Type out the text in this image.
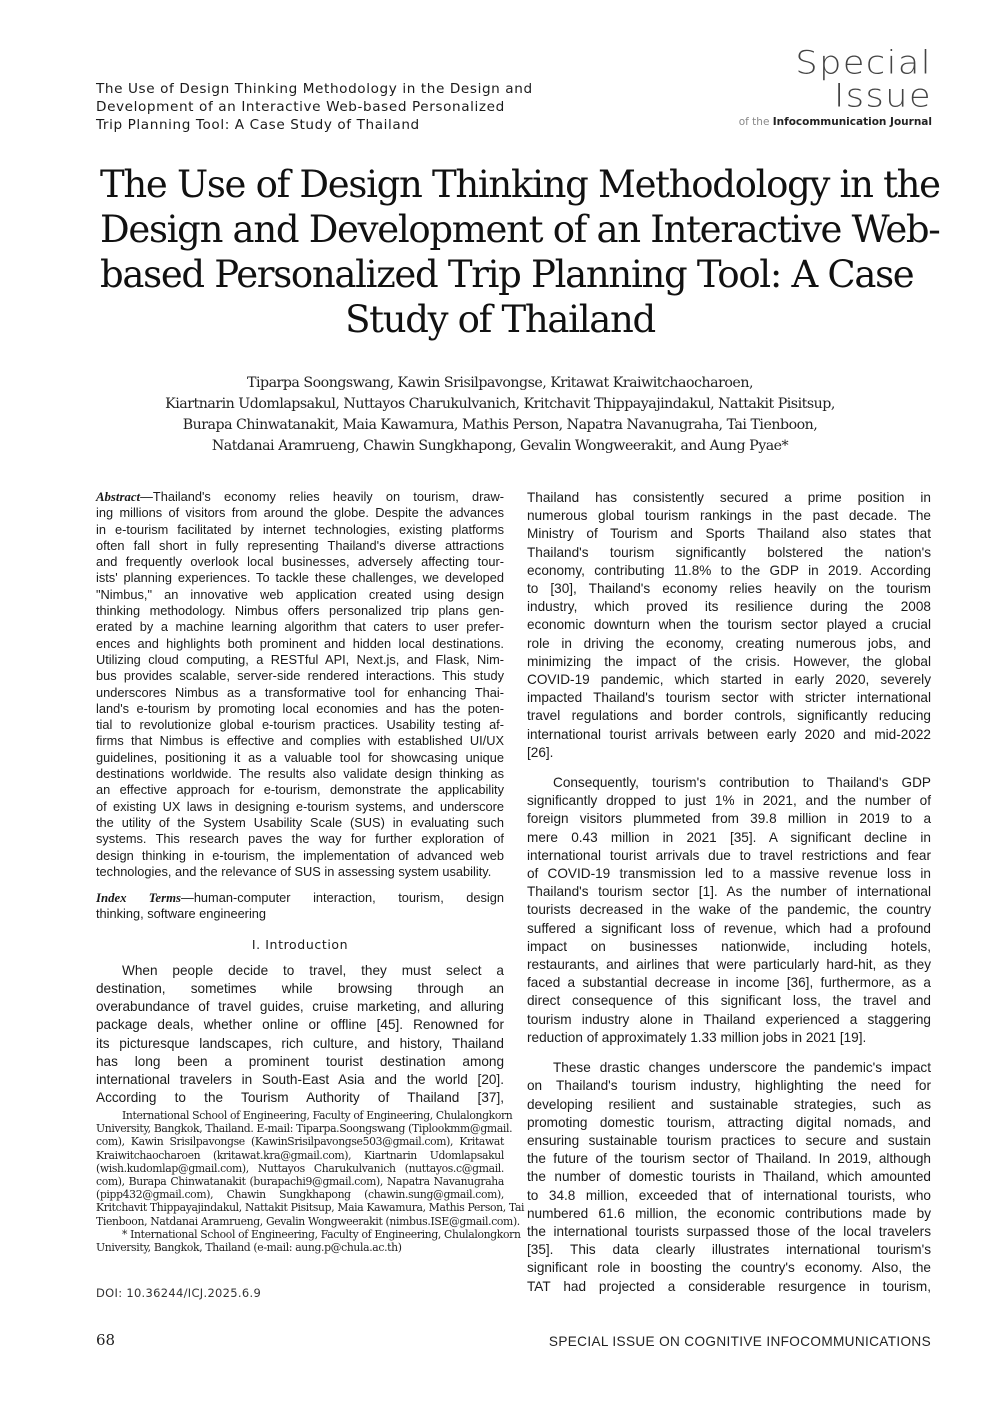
The Use of Design Thinking Methodology in the Design and
Development of an Interactive Web-based Personalized
Trip Planning Tool: A Case Study of Thailand
Special Issue
of the Infocommunication Journal
The Use of Design Thinking Methodology in the
Design and Development of an Interactive Web-
based Personalized Trip Planning Tool: A Case
Study of Thailand
Tiparpa Soongswang, Kawin Srisilpavongse, Kritawat Kraiwitchaocharoen,
Kiartnarin Udomlapsakul, Nuttayos Charukulvanich, Kritchavit Thippayajindakul, Nattakit Pisitsup,
Burapa Chinwatanakit, Maia Kawamura, Mathis Person, Napatra Navanugraha, Tai Tienboon,
Natdanai Aramrueng, Chawin Sungkhapong, Gevalin Wongweerakit, and Aung Pyae*
Abstract—Thailand's economy relies heavily on tourism, draw-
ing millions of visitors from around the globe. Despite the advances
in e-tourism facilitated by internet technologies, existing platforms
often fall short in fully representing Thailand's diverse attractions
and frequently overlook local businesses, adversely affecting tour-
ists' planning experiences. To tackle these challenges, we developed
"Nimbus," an innovative web application created using design
thinking methodology. Nimbus offers personalized trip plans gen-
erated by a machine learning algorithm that caters to user prefer-
ences and highlights both prominent and hidden local destinations.
Utilizing cloud computing, a RESTful API, Next.js, and Flask, Nim-
bus provides scalable, server-side rendered interactions. This study
underscores Nimbus as a transformative tool for enhancing Thai-
land's e-tourism by promoting local economies and has the poten-
tial to revolutionize global e-tourism practices. Usability testing af-
firms that Nimbus is effective and complies with established UI/UX
guidelines, positioning it as a valuable tool for showcasing unique
destinations worldwide. The results also validate design thinking as
an effective approach for e-tourism, demonstrate the applicability
of existing UX laws in designing e-tourism systems, and underscore
the utility of the System Usability Scale (SUS) in evaluating such
systems. This research paves the way for further exploration of
design thinking in e-tourism, the implementation of advanced web
technologies, and the relevance of SUS in assessing system usability.
Index Terms—human-computer interaction, tourism, design
thinking, software engineering
I. Introduction
When people decide to travel, they must select a
destination, sometimes while browsing through an
overabundance of travel guides, cruise marketing, and alluring
package deals, whether online or offline [45]. Renowned for
its picturesque landscapes, rich culture, and history, Thailand
has long been a prominent tourist destination among
international travelers in South-East Asia and the world [20].
According to the Tourism Authority of Thailand [37],
International School of Engineering, Faculty of Engineering, Chulalongkorn
University, Bangkok, Thailand. E-mail: Tiparpa.Soongswang (Tiplookmm@gmail.
com), Kawin Srisilpavongse (KawinSrisilpavongse503@gmail.com), Kritawat
Kraiwitchaocharoen (kritawat.kra@gmail.com), Kiartnarin Udomlapsakul
(wish.kudomlap@gmail.com), Nuttayos Charukulvanich (nuttayos.c@gmail.
com), Burapa Chinwatanakit (burapachi9@gmail.com), Napatra Navanugraha
(pipp432@gmail.com), Chawin Sungkhapong (chawin.sung@gmail.com),
Kritchavit Thippayajindakul, Nattakit Pisitsup, Maia Kawamura, Mathis Person, Tai
Tienboon, Natdanai Aramrueng, Gevalin Wongweerakit (nimbus.ISE@gmail.com).
* International School of Engineering, Faculty of Engineering, Chulalongkorn
University, Bangkok, Thailand (e-mail: aung.p@chula.ac.th)
DOI: 10.36244/ICJ.2025.6.9
Thailand has consistently secured a prime position in
numerous global tourism rankings in the past decade. The
Ministry of Tourism and Sports Thailand also states that
Thailand's tourism significantly bolstered the nation's
economy, contributing 11.8% to the GDP in 2019. According
to [30], Thailand's economy relies heavily on the tourism
industry, which proved its resilience during the 2008
economic downturn when the tourism sector played a crucial
role in driving the economy, creating numerous jobs, and
minimizing the impact of the crisis. However, the global
COVID-19 pandemic, which started in early 2020, severely
impacted Thailand's tourism sector with stricter international
travel regulations and border controls, significantly reducing
international tourist arrivals between early 2020 and mid-2022
[26].
Consequently, tourism's contribution to Thailand's GDP
significantly dropped to just 1% in 2021, and the number of
foreign visitors plummeted from 39.8 million in 2019 to a
mere 0.43 million in 2021 [35]. A significant decline in
international tourist arrivals due to travel restrictions and fear
of COVID-19 transmission led to a massive revenue loss in
Thailand's tourism sector [1]. As the number of international
tourists decreased in the wake of the pandemic, the country
suffered a significant loss of revenue, which had a profound
impact on businesses nationwide, including hotels,
restaurants, and airlines that were particularly hard-hit, as they
faced a substantial decrease in income [36], furthermore, as a
direct consequence of this significant loss, the travel and
tourism industry alone in Thailand experienced a staggering
reduction of approximately 1.33 million jobs in 2021 [19].
These drastic changes underscore the pandemic's impact
on Thailand's tourism industry, highlighting the need for
developing resilient and sustainable strategies, such as
promoting domestic tourism, attracting digital nomads, and
ensuring sustainable tourism practices to secure and sustain
the future of the tourism sector of Thailand. In 2019, although
the number of domestic tourists in Thailand, which amounted
to 34.8 million, exceeded that of international tourists, who
numbered 61.6 million, the economic contributions made by
the international tourists surpassed those of the local travelers
[35]. This data clearly illustrates international tourism's
significant role in boosting the country's economy. Also, the
TAT had projected a considerable resurgence in tourism,
68	SPECIAL ISSUE ON COGNITIVE INFOCOMMUNICATIONS
